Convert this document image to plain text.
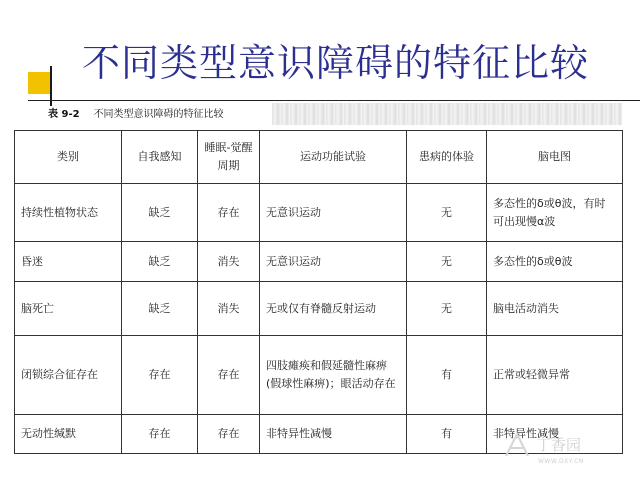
不同类型意识障碍的特征比较
表 9-2 不同类型意识障碍的特征比较
类别	自我感知	睡眠-觉醒周期	运动功能试验	患病的体验	脑电图
持续性植物状态	缺乏	存在	无意识运动	无	多态性的δ或θ波，有时可出现慢α波
昏迷	缺乏	消失	无意识运动	无	多态性的δ或θ波
脑死亡	缺乏	消失	无或仅有脊髓反射运动	无	脑电活动消失
闭锁综合征存在	存在	存在	四肢瘫痪和假延髓性麻痹(假球性麻痹)；眼活动存在	有	正常或轻微异常
无动性缄默	存在	存在	非特异性减慢	有	非特异性减慢
丁香园
WWW.DXY.CN
